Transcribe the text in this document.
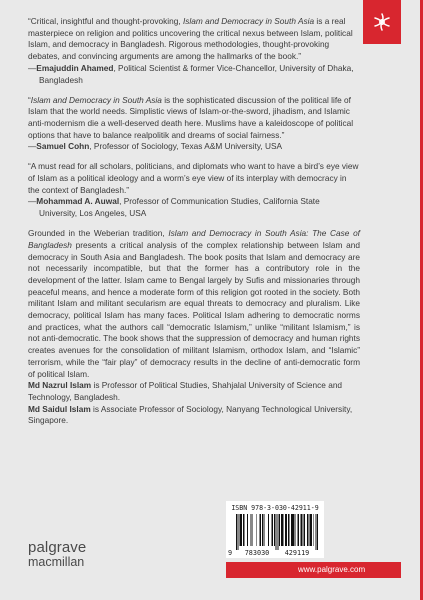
“Critical, insightful and thought-provoking, Islam and Democracy in South Asia is a real masterpiece on religion and politics uncovering the critical nexus between Islam, political Islam, and democracy in Bangladesh. Rigorous methodologies, thought-provoking debates, and convincing arguments are among the hallmarks of the book.”

—Emajuddin Ahamed, Political Scientist & former Vice-Chancellor, University of Dhaka, Bangladesh

“Islam and Democracy in South Asia is the sophisticated discussion of the political life of Islam that the world needs. Simplistic views of Islam-or-the-sword, jihadism, and Islamic anti-modernism die a well-deserved death here. Muslims have a kaleidoscope of political options that have to balance realpolitik and dreams of social fairness.”

—Samuel Cohn, Professor of Sociology, Texas A&M University, USA

“A must read for all scholars, politicians, and diplomats who want to have a bird’s eye view of Islam as a political ideology and a worm’s eye view of its interplay with democracy in the context of Bangladesh.”

—Mohammad A. Auwal, Professor of Communication Studies, California State University, Los Angeles, USA

Grounded in the Weberian tradition, Islam and Democracy in South Asia: The Case of Bangladesh presents a critical analysis of the complex relationship between Islam and democracy in South Asia and Bangladesh. The book posits that Islam and democracy are not necessarily incompatible, but that the former has a contributory role in the development of the latter. Islam came to Bengal largely by Sufis and missionaries through peaceful means, and hence a moderate form of this religion got rooted in the society. Both militant Islam and militant secularism are equal threats to democracy and pluralism. Like democracy, political Islam has many faces. Political Islam adhering to democratic norms and practices, what the authors call “democratic Islamism,” unlike “militant Islamism,” is not anti-democratic. The book shows that the suppression of democracy and human rights creates avenues for the consolidation of militant Islamism, orthodox Islam, and “Islamic” terrorism, while the “fair play” of democracy results in the decline of anti-democratic form of political Islam.

Md Nazrul Islam is Professor of Political Studies, Shahjalal University of Science and Technology, Bangladesh.

Md Saidul Islam is Associate Professor of Sociology, Nanyang Technological University, Singapore.

ISBN 978-3-030-42911-9
9	783030	429119
www.palgrave.com
palgrave
macmillan
